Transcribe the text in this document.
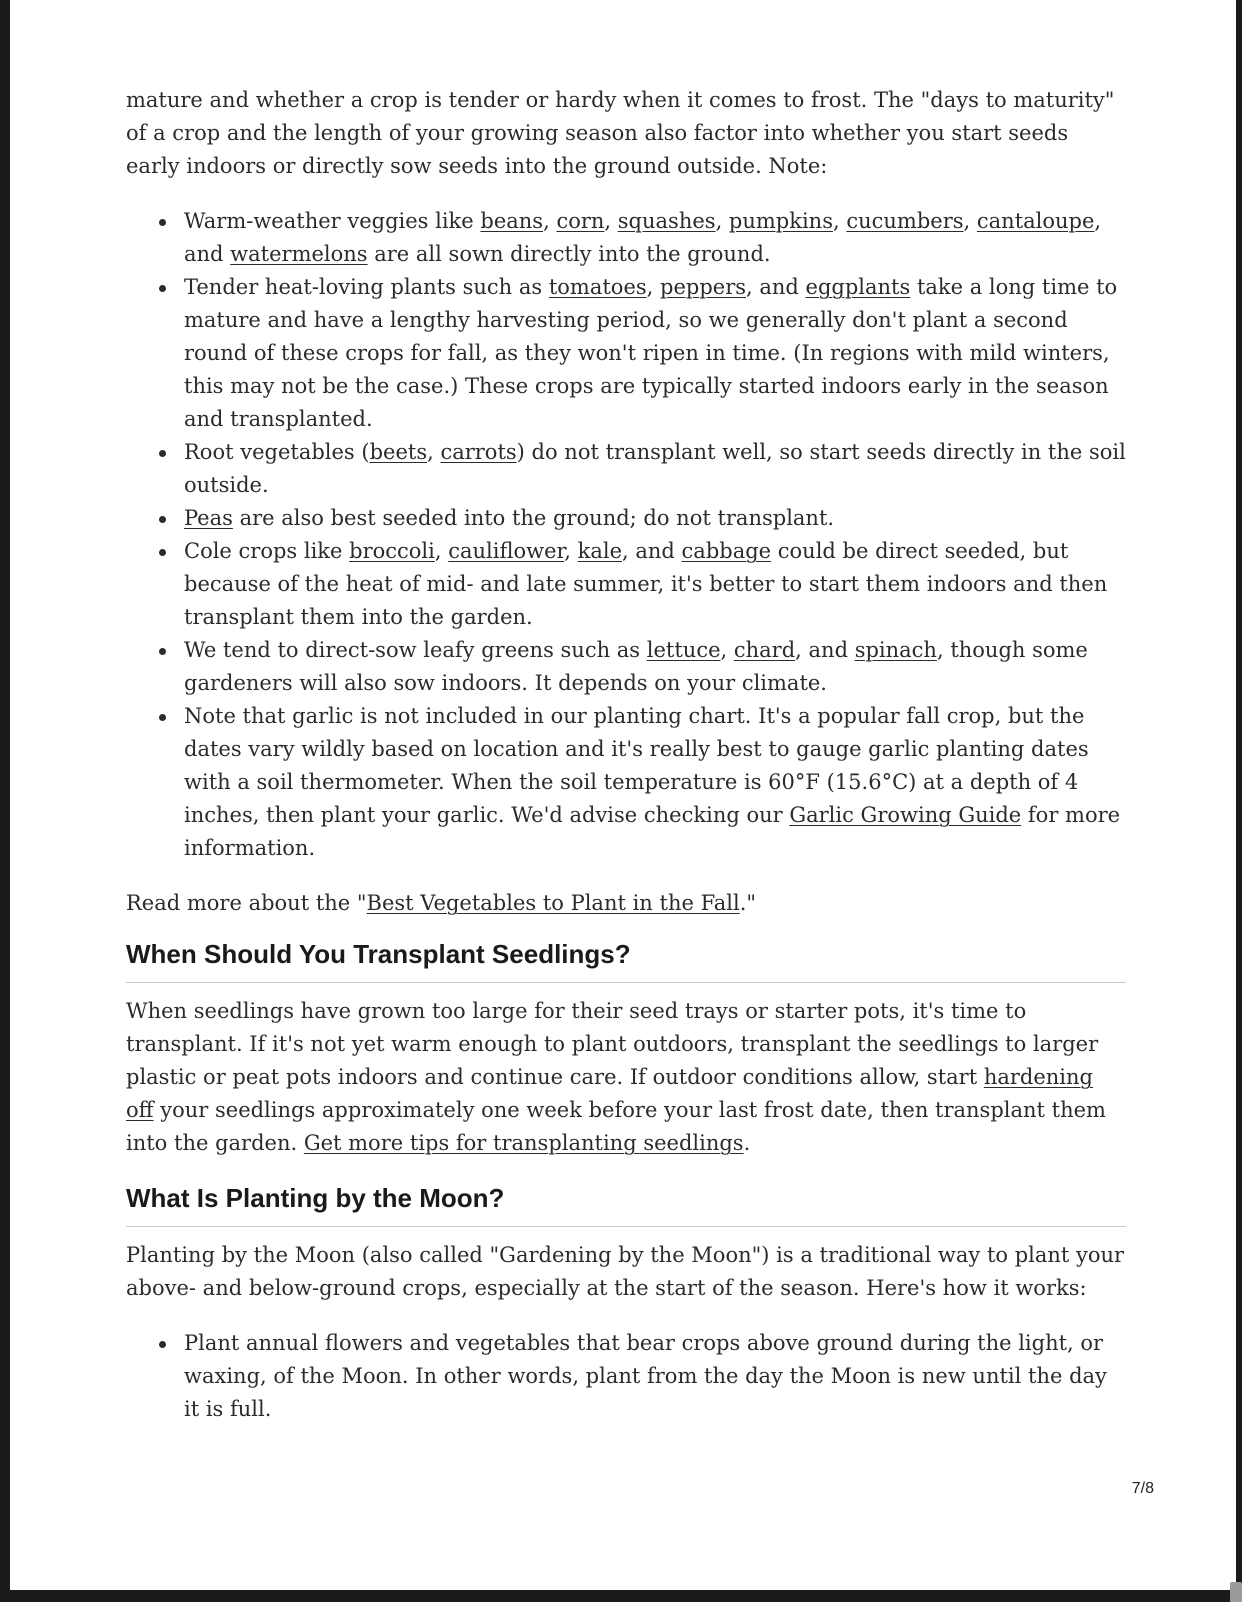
mature and whether a crop is tender or hardy when it comes to frost. The "days to maturity" of a crop and the length of your growing season also factor into whether you start seeds early indoors or directly sow seeds into the ground outside. Note:

Warm-weather veggies like beans, corn, squashes, pumpkins, cucumbers, cantaloupe, and watermelons are all sown directly into the ground.
Tender heat-loving plants such as tomatoes, peppers, and eggplants take a long time to mature and have a lengthy harvesting period, so we generally don't plant a second round of these crops for fall, as they won't ripen in time. (In regions with mild winters, this may not be the case.) These crops are typically started indoors early in the season and transplanted.
Root vegetables (beets, carrots) do not transplant well, so start seeds directly in the soil outside.
Peas are also best seeded into the ground; do not transplant.
Cole crops like broccoli, cauliflower, kale, and cabbage could be direct seeded, but because of the heat of mid- and late summer, it's better to start them indoors and then transplant them into the garden.
We tend to direct-sow leafy greens such as lettuce, chard, and spinach, though some gardeners will also sow indoors. It depends on your climate.
Note that garlic is not included in our planting chart. It's a popular fall crop, but the dates vary wildly based on location and it's really best to gauge garlic planting dates with a soil thermometer. When the soil temperature is 60°F (15.6°C) at a depth of 4 inches, then plant your garlic. We'd advise checking our Garlic Growing Guide for more information.

Read more about the "Best Vegetables to Plant in the Fall."

When Should You Transplant Seedlings?

When seedlings have grown too large for their seed trays or starter pots, it's time to transplant. If it's not yet warm enough to plant outdoors, transplant the seedlings to larger plastic or peat pots indoors and continue care. If outdoor conditions allow, start hardening off your seedlings approximately one week before your last frost date, then transplant them into the garden. Get more tips for transplanting seedlings.

What Is Planting by the Moon?

Planting by the Moon (also called "Gardening by the Moon") is a traditional way to plant your above- and below-ground crops, especially at the start of the season. Here's how it works:

Plant annual flowers and vegetables that bear crops above ground during the light, or waxing, of the Moon. In other words, plant from the day the Moon is new until the day it is full.
7/8
